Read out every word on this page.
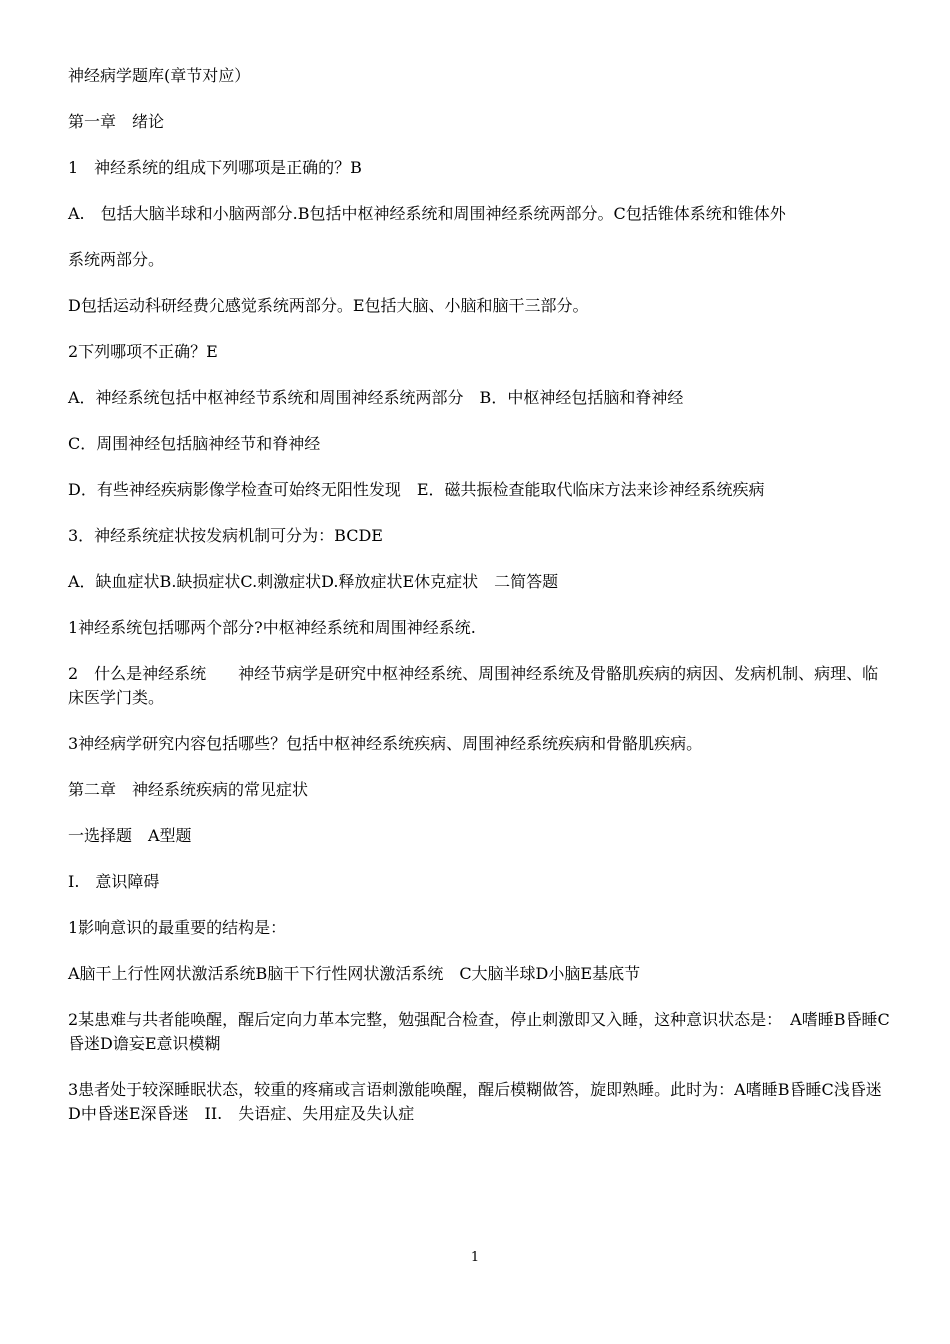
神经病学题库(章节对应）

第一章　绪论

1　神经系统的组成下列哪项是正确的？B

A.　包括大脑半球和小脑两部分.B包括中枢神经系统和周围神经系统两部分。C包括锥体系统和锥体外

系统两部分。

D包括运动科研经费尣感觉系统两部分。E包括大脑、小脑和脑干三部分。

2下列哪项不正确？E

A．神经系统包括中枢神经节系统和周围神经系统两部分　B．中枢神经包括脑和脊神经

C．周围神经包括脑神经节和脊神经

D．有些神经疾病影像学检查可始终无阳性发现　E．磁共振检查能取代临床方法来诊神经系统疾病

3．神经系统症状按发病机制可分为：BCDE

A．缺血症状B.缺损症状C.刺激症状D.释放症状E休克症状　二简答题

1神经系统包括哪两个部分?中枢神经系统和周围神经系统.

2　什么是神经系统　　神经节病学是研究中枢神经系统、周围神经系统及骨骼肌疾病的病因、发病机制、病理、临床医学门类。

3神经病学研究内容包括哪些？包括中枢神经系统疾病、周围神经系统疾病和骨骼肌疾病。

第二章　神经系统疾病的常见症状

一选择题　A型题

I.　意识障碍

1影响意识的最重要的结构是：

A脑干上行性网状激活系统B脑干下行性网状激活系统　C大脑半球D小脑E基底节

2某患难与共者能唤醒，醒后定向力革本完整，勉强配合检查，停止刺激即又入睡，这种意识状态是：　A嗜睡B昏睡C昏迷D谵妄E意识模糊

3患者处于较深睡眠状态，较重的疼痛或言语刺激能唤醒，醒后模糊做答，旋即熟睡。此时为：A嗜睡B昏睡C浅昏迷D中昏迷E深昏迷　II.　失语症、失用症及失认症

1
